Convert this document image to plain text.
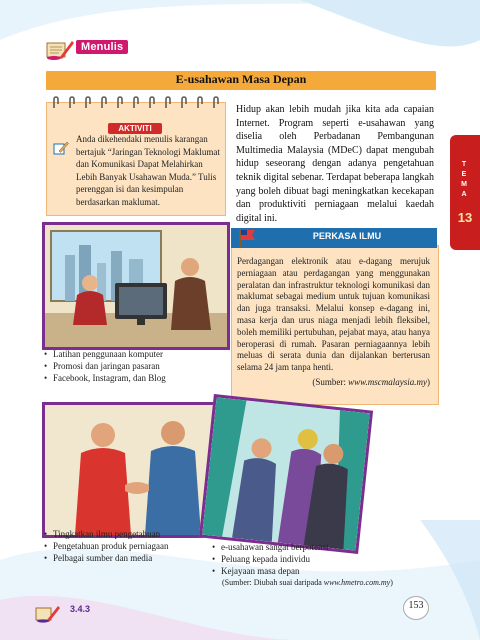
Menulis
E-usahawan Masa Depan
AKTIVITI
Anda dikehendaki menulis karangan bertajuk “Jaringan Teknologi Maklumat dan Komunikasi Dapat Melahirkan Lebih Banyak Usahawan Muda.” Tulis perenggan isi dan kesimpulan berdasarkan maklumat.
Hidup akan lebih mudah jika kita ada capaian Internet. Program seperti e-usahawan yang diselia oleh Perbadanan Pembangunan Multimedia Malaysia (MDeC) dapat mengubah hidup seseorang dengan adanya pengetahuan teknik digital sebenar. Terdapat beberapa langkah yang boleh dibuat bagi meningkatkan kecekapan dan produktiviti perniagaan melalui kaedah digital ini.
T
E
M
A
13
• Latihan penggunaan komputer
• Promosi dan jaringan pasaran
• Facebook, Instagram, dan Blog
PERKASA ILMU
Perdagangan elektronik atau e-dagang merujuk perniagaan atau perdagangan yang menggunakan peralatan dan infrastruktur teknologi komunikasi dan maklumat sebagai medium untuk tujuan komunikasi dan juga transaksi. Melalui konsep e-dagang ini, masa kerja dan urus niaga menjadi lebih fleksibel, boleh memiliki pertubuhan, pejabat maya, atau hanya beroperasi di rumah. Pasaran perniagaannya lebih meluas di serata dunia dan dijalankan berterusan selama 24 jam tanpa henti.
(Sumber: www.mscmalaysia.my)
• Tingkatkan ilmu pengetahuan
• Pengetahuan produk perniagaan
• Pelbagai sumber dan media
• e-usahawan sangat berpotensi
• Peluang kepada individu
• Kejayaan masa depan
(Sumber: Diubah suai daripada www.hmetro.com.my)
3.4.3	153
